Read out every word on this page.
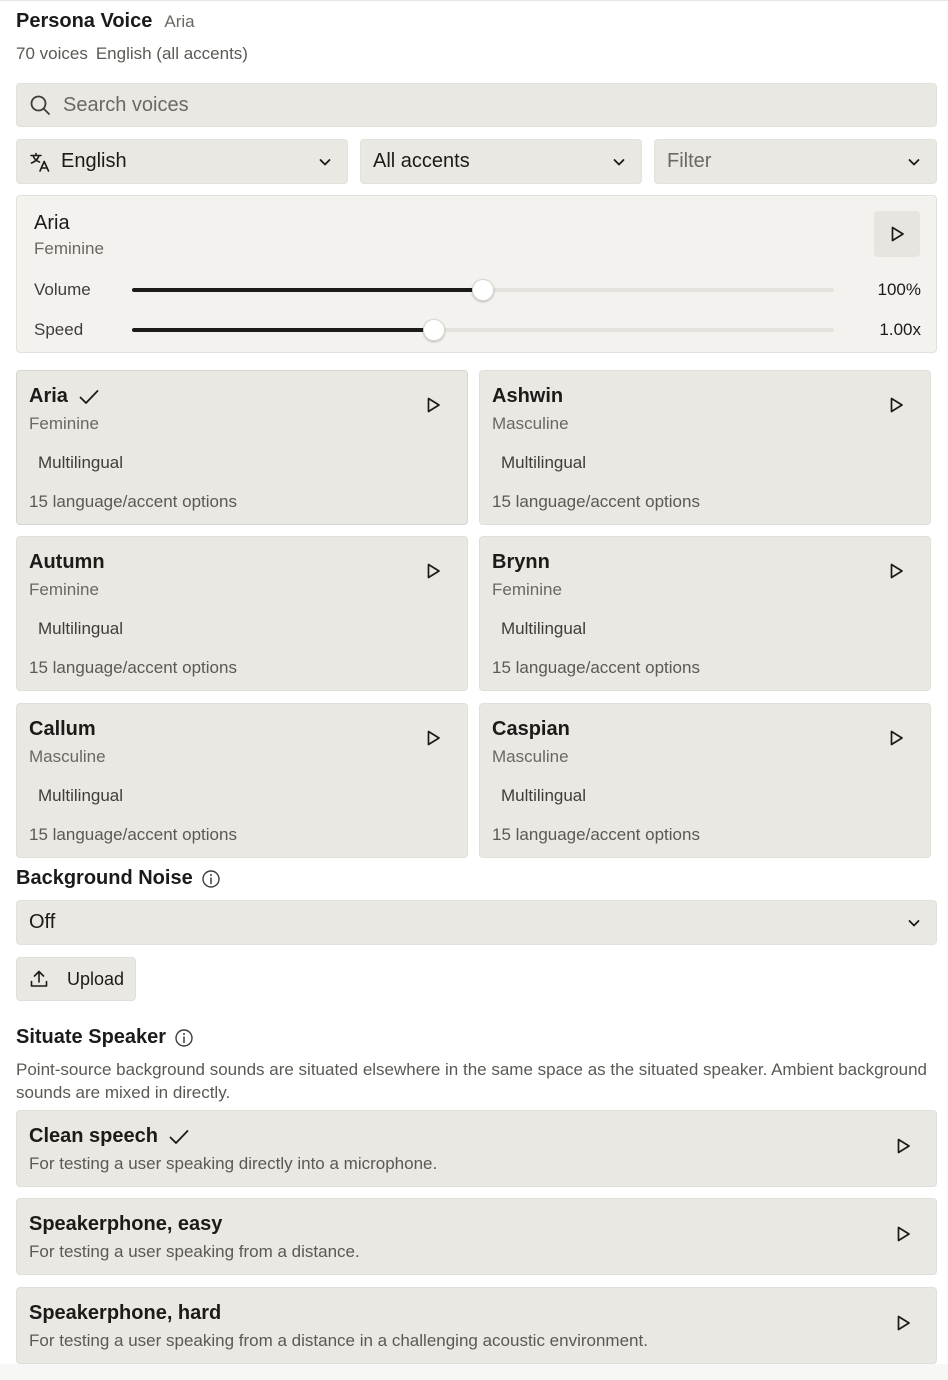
Persona Voice Aria
70 voices English (all accents)
Search voices
English	All accents	Filter
Aria
Feminine
Volume	100%
Speed	1.00x
Aria
Feminine
Multilingual
15 language/accent options
Ashwin
Masculine
Multilingual
15 language/accent options
Autumn
Feminine
Multilingual
15 language/accent options
Brynn
Feminine
Multilingual
15 language/accent options
Callum
Masculine
Multilingual
15 language/accent options
Caspian
Masculine
Multilingual
15 language/accent options
Background Noise
Off
Upload
Situate Speaker
Point-source background sounds are situated elsewhere in the same space as the situated speaker. Ambient background sounds are mixed in directly.
Clean speech
For testing a user speaking directly into a microphone.
Speakerphone, easy
For testing a user speaking from a distance.
Speakerphone, hard
For testing a user speaking from a distance in a challenging acoustic environment.
